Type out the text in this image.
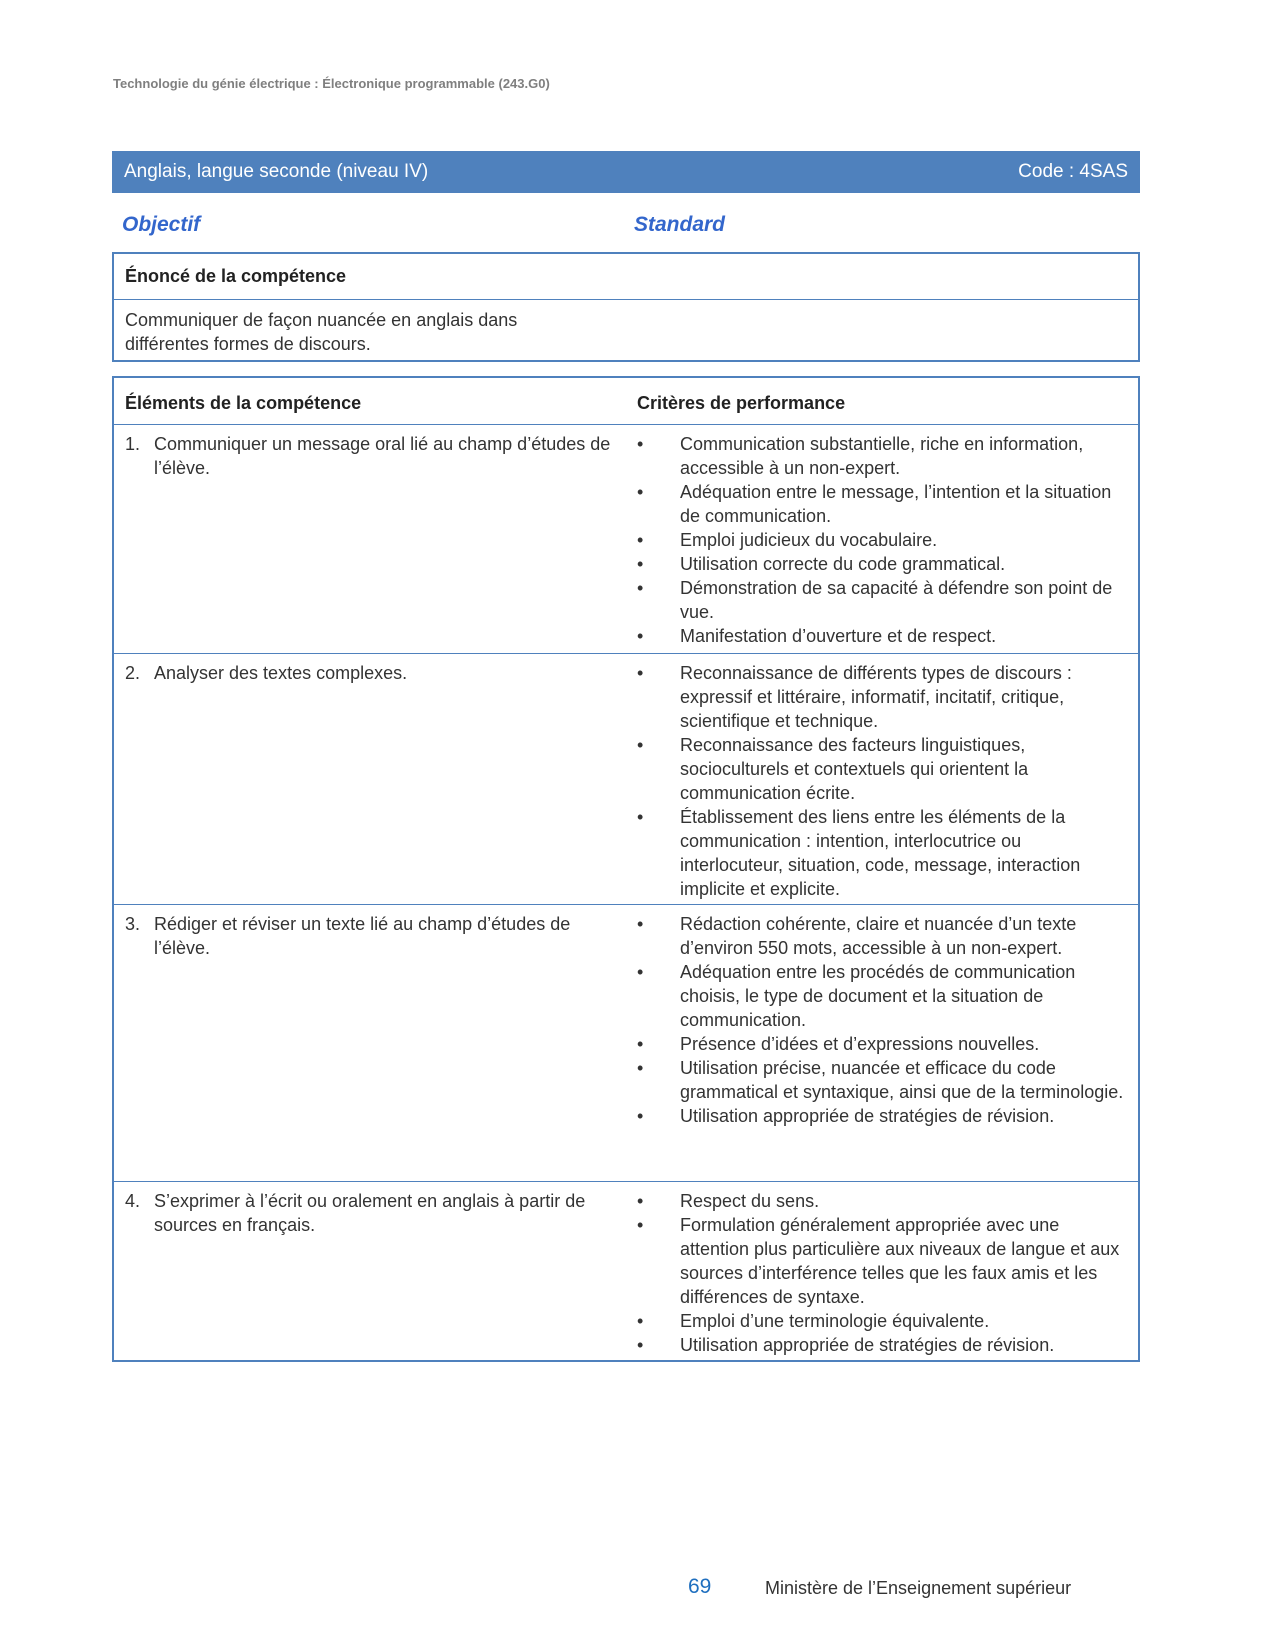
Technologie du génie électrique : Électronique programmable (243.G0)
Anglais, langue seconde (niveau IV)	Code : 4SAS
Objectif	Standard
Énoncé de la compétence
Communiquer de façon nuancée en anglais dans différentes formes de discours.
Éléments de la compétence	Critères de performance
1. Communiquer un message oral lié au champ d’études de l’élève.
• Communication substantielle, riche en information, accessible à un non-expert.
• Adéquation entre le message, l’intention et la situation de communication.
• Emploi judicieux du vocabulaire.
• Utilisation correcte du code grammatical.
• Démonstration de sa capacité à défendre son point de vue.
• Manifestation d’ouverture et de respect.
2. Analyser des textes complexes.
•	Reconnaissance de différents types de discours : expressif et littéraire, informatif, incitatif, critique, scientifique et technique.
• Reconnaissance des facteurs linguistiques, socioculturels et contextuels qui orientent la communication écrite.
• Établissement des liens entre les éléments de la communication : intention, interlocutrice ou interlocuteur, situation, code, message, interaction implicite et explicite.
3. Rédiger et réviser un texte lié au champ d’études de l’élève.
• Rédaction cohérente, claire et nuancée d’un texte d’environ 550 mots, accessible à un non-expert.
• Adéquation entre les procédés de communication choisis, le type de document et la situation de communication.
• Présence d’idées et d’expressions nouvelles.
• Utilisation précise, nuancée et efficace du code grammatical et syntaxique, ainsi que de la terminologie.
• Utilisation appropriée de stratégies de révision.
4. S’exprimer à l’écrit ou oralement en anglais à partir de sources en français.
• Respect du sens.
• Formulation généralement appropriée avec une attention plus particulière aux niveaux de langue et aux sources d’interférence telles que les faux amis et les différences de syntaxe.
• Emploi d’une terminologie équivalente.
• Utilisation appropriée de stratégies de révision.
69	Ministère de l’Enseignement supérieur
